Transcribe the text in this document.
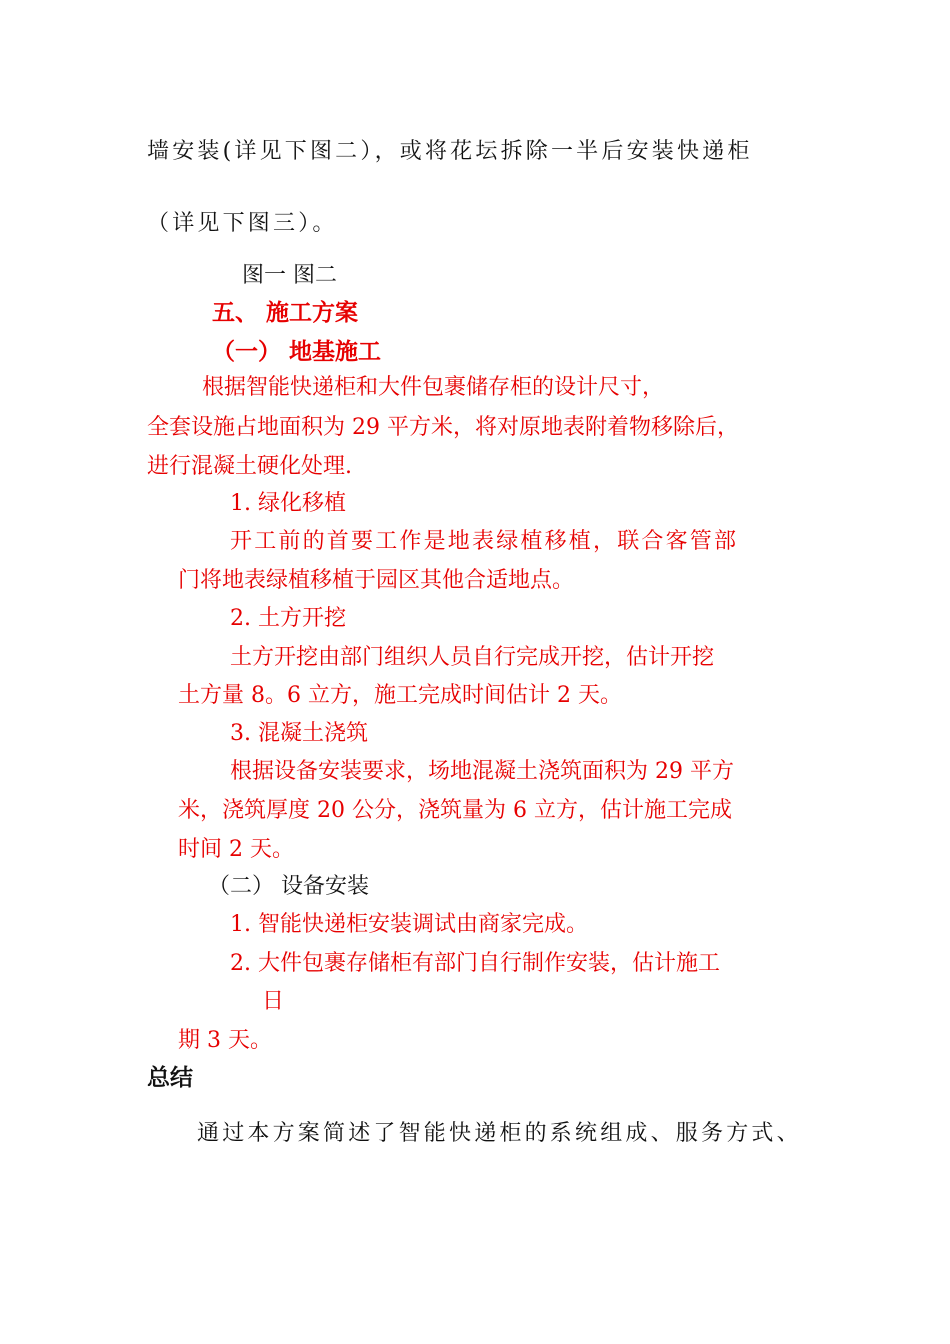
墙安装(详见下图二），或将花坛拆除一半后安装快递柜
（详见下图三）。
图一 图二
五、 施工方案
（一） 地基施工
根据智能快递柜和大件包裹储存柜的设计尺寸，
全套设施占地面积为 29 平方米，将对原地表附着物移除后，
进行混凝土硬化处理.
1. 绿化移植
开工前的首要工作是地表绿植移植，联合客管部
门将地表绿植移植于园区其他合适地点。
2. 土方开挖
土方开挖由部门组织人员自行完成开挖，估计开挖
土方量 8。6 立方，施工完成时间估计 2 天。
3. 混凝土浇筑
根据设备安装要求，场地混凝土浇筑面积为 29 平方
米，浇筑厚度 20 公分，浇筑量为 6 立方，估计施工完成
时间 2 天。
（二） 设备安装
1. 智能快递柜安装调试由商家完成。
2. 大件包裹存储柜有部门自行制作安装，估计施工
日
期 3 天。
总结
通过本方案简述了智能快递柜的系统组成、服务方式、
